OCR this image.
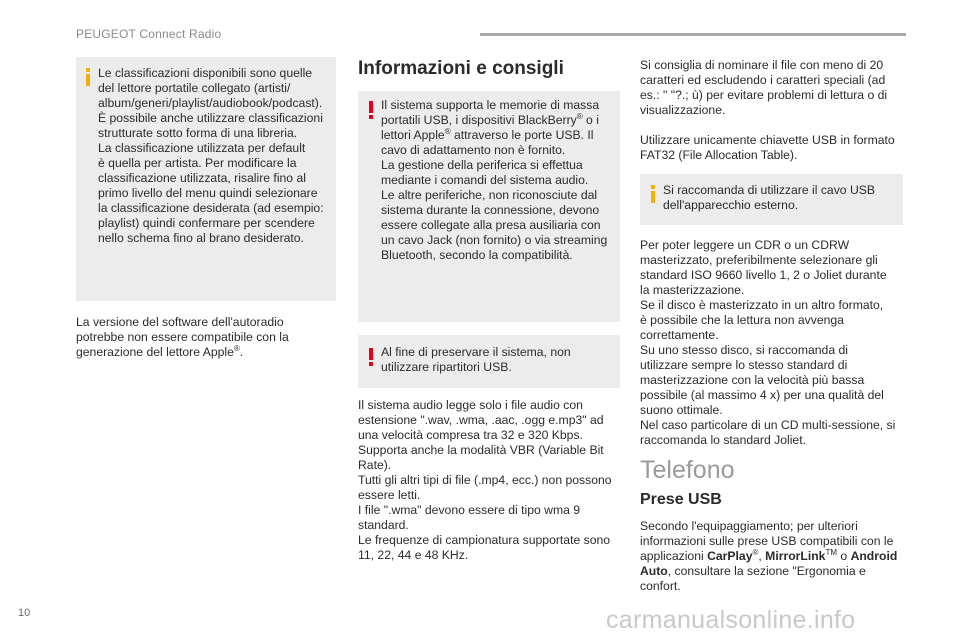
PEUGEOT Connect Radio
Le classificazioni disponibili sono quelle
del lettore portatile collegato (artisti/
album/generi/playlist/audiobook/podcast).
È possibile anche utilizzare classificazioni
strutturate sotto forma di una libreria.
La classificazione utilizzata per default
è quella per artista. Per modificare la
classificazione utilizzata, risalire fino al
primo livello del menu quindi selezionare
la classificazione desiderata (ad esempio:
playlist) quindi confermare per scendere
nello schema fino al brano desiderato.

La versione del software dell'autoradio
potrebbe non essere compatibile con la
generazione del lettore Apple®.

Informazioni e consigli
Il sistema supporta le memorie di massa
portatili USB, i dispositivi BlackBerry® o i
lettori Apple® attraverso le porte USB. Il
cavo di adattamento non è fornito.
La gestione della periferica si effettua
mediante i comandi del sistema audio.
Le altre periferiche, non riconosciute dal
sistema durante la connessione, devono
essere collegate alla presa ausiliaria con
un cavo Jack (non fornito) o via streaming
Bluetooth, secondo la compatibilità.
Al fine di preservare il sistema, non
utilizzare ripartitori USB.

Il sistema audio legge solo i file audio con
estensione ".wav, .wma, .aac, .ogg e.mp3" ad
una velocità compresa tra 32 e 320 Kbps.
Supporta anche la modalità VBR (Variable Bit
Rate).
Tutti gli altri tipi di file (.mp4, ecc.) non possono
essere letti.
I file ".wma" devono essere di tipo wma 9
standard.
Le frequenze di campionatura supportate sono
11, 22, 44 e 48 KHz.

Si consiglia di nominare il file con meno di 20
caratteri ed escludendo i caratteri speciali (ad
es.: " "?.; ù) per evitare problemi di lettura o di
visualizzazione.

Utilizzare unicamente chiavette USB in formato
FAT32 (File Allocation Table).

Si raccomanda di utilizzare il cavo USB
dell'apparecchio esterno.

Per poter leggere un CDR o un CDRW
masterizzato, preferibilmente selezionare gli
standard ISO 9660 livello 1, 2 o Joliet durante
la masterizzazione.
Se il disco è masterizzato in un altro formato,
è possibile che la lettura non avvenga
correttamente.
Su uno stesso disco, si raccomanda di
utilizzare sempre lo stesso standard di
masterizzazione con la velocità più bassa
possibile (al massimo 4 x) per una qualità del
suono ottimale.
Nel caso particolare di un CD multi-sessione, si
raccomanda lo standard Joliet.

Telefono
Prese USB

Secondo l'equipaggiamento; per ulteriori
informazioni sulle prese USB compatibili con le
applicazioni CarPlay®, MirrorLink™ o Android
Auto, consultare la sezione "Ergonomia e
confort.

10	carmanualsonline.info
